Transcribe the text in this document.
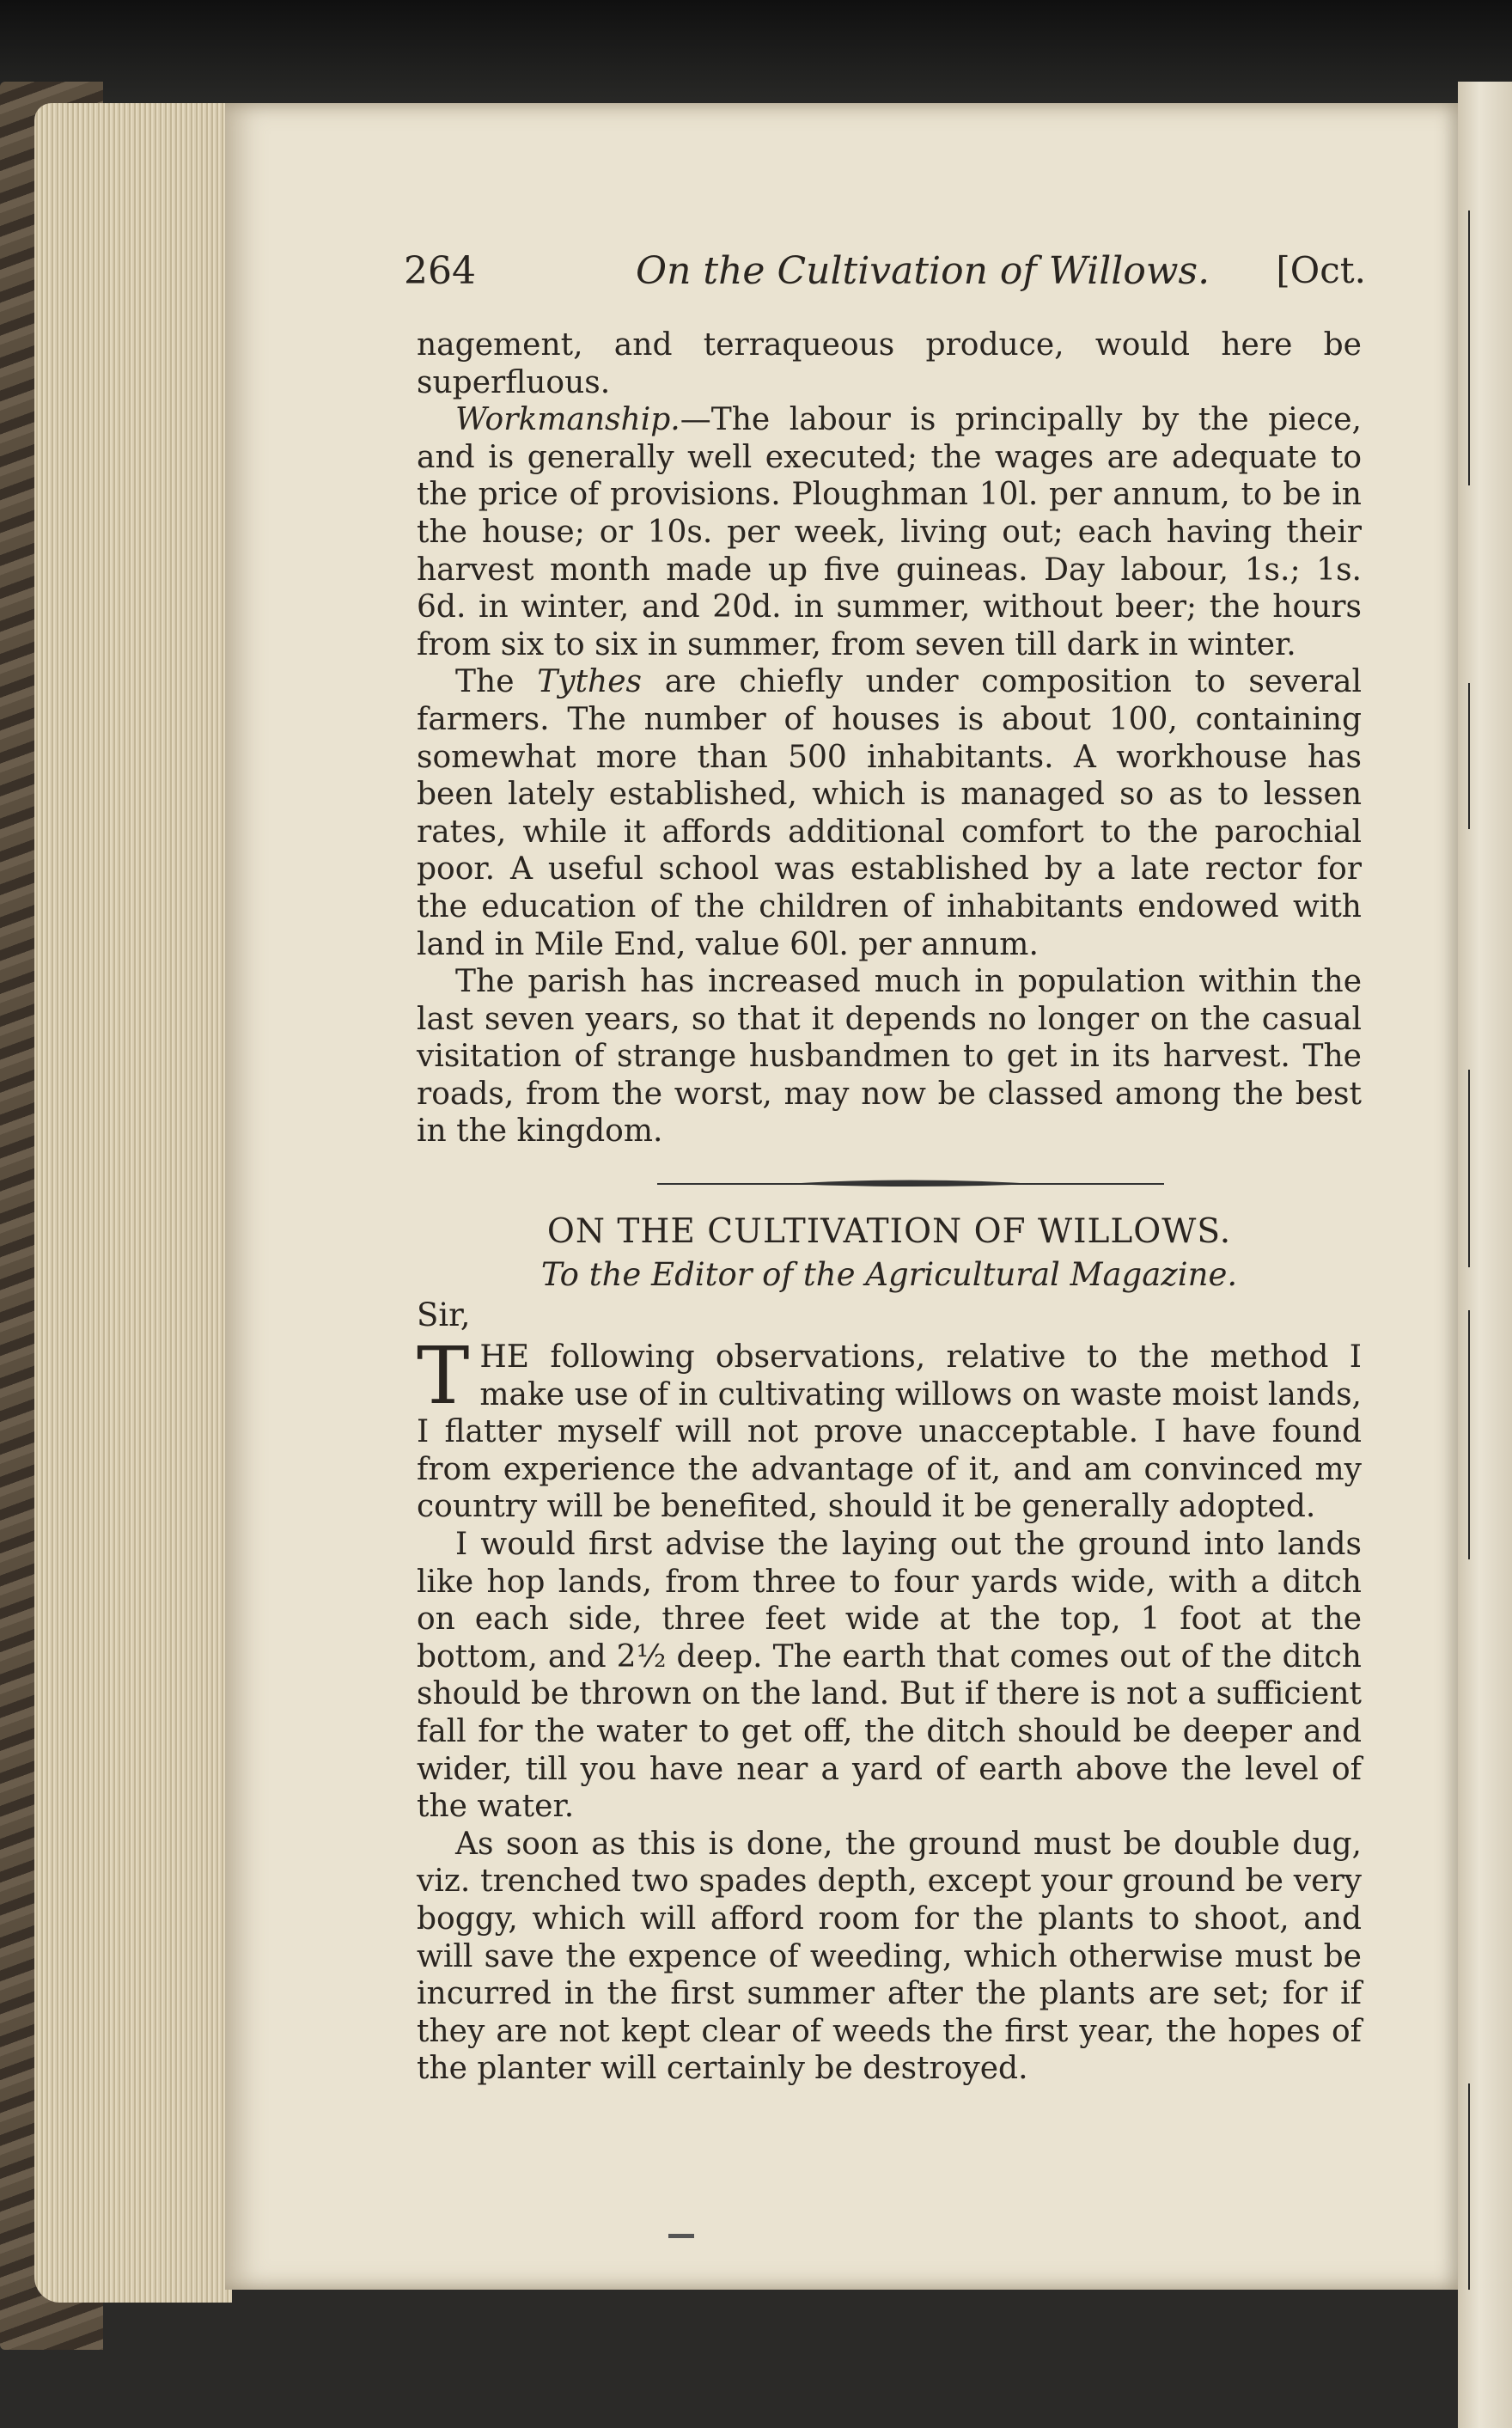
264	On the Cultivation of Willows. [Oct.

nagement, and terraqueous produce, would here be superfluous.

Workmanship.—The labour is principally by the piece, and is generally well executed; the wages are adequate to the price of provisions. Ploughman 10l. per annum, to be in the house; or 10s. per week, living out; each having their harvest month made up five guineas. Day labour, 1s.; 1s. 6d. in winter, and 20d. in summer, without beer; the hours from six to six in summer, from seven till dark in winter.

The Tythes are chiefly under composition to several farmers. The number of houses is about 100, containing somewhat more than 500 inhabitants. A workhouse has been lately established, which is managed so as to lessen rates, while it affords additional comfort to the parochial poor. A useful school was established by a late rector for the education of the children of inhabitants endowed with land in Mile End, value 60l. per annum.

The parish has increased much in population within the last seven years, so that it depends no longer on the casual visitation of strange husbandmen to get in its harvest. The roads, from the worst, may now be classed among the best in the kingdom.

ON THE CULTIVATION OF WILLOWS.
To the Editor of the Agricultural Magazine.
Sir,

THE following observations, relative to the method I make use of in cultivating willows on waste moist lands, I flatter myself will not prove unacceptable. I have found from experience the advantage of it, and am convinced my country will be benefited, should it be generally adopted.

I would first advise the laying out the ground into lands like hop lands, from three to four yards wide, with a ditch on each side, three feet wide at the top, 1 foot at the bottom, and 2½ deep. The earth that comes out of the ditch should be thrown on the land. But if there is not a sufficient fall for the water to get off, the ditch should be deeper and wider, till you have near a yard of earth above the level of the water.

As soon as this is done, the ground must be double dug, viz. trenched two spades depth, except your ground be very boggy, which will afford room for the plants to shoot, and will save the expence of weeding, which otherwise must be incurred in the first summer after the plants are set; for if they are not kept clear of weeds the first year, the hopes of the planter will certainly be destroyed.
